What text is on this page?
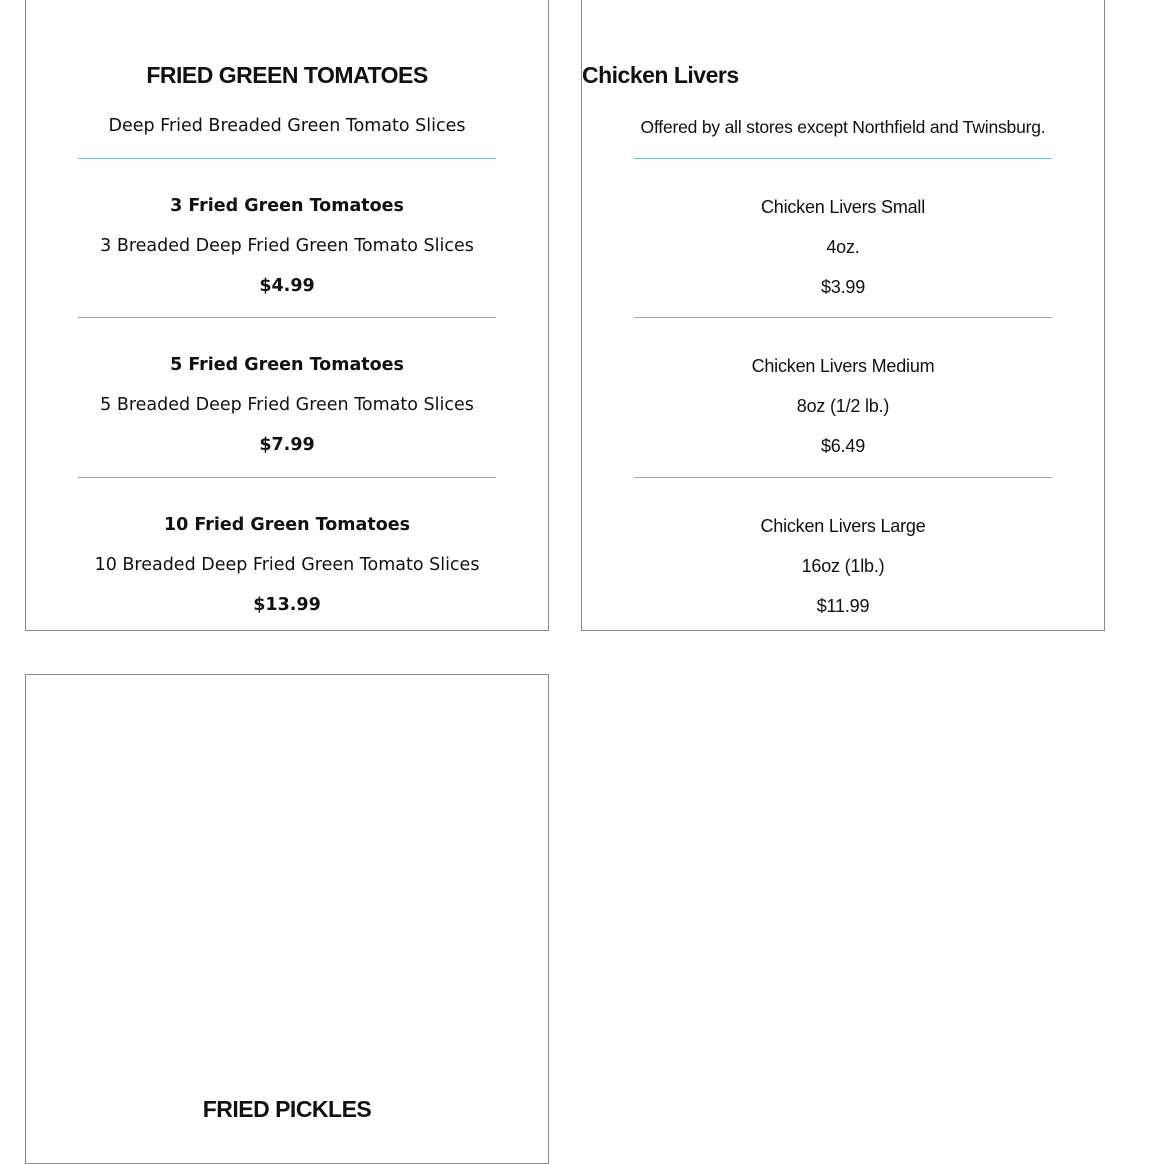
FRIED GREEN TOMATOES

Deep Fried Breaded Green Tomato Slices

3 Fried Green Tomatoes
3 Breaded Deep Fried Green Tomato Slices
$4.99
5 Fried Green Tomatoes
5 Breaded Deep Fried Green Tomato Slices
$7.99
10 Fried Green Tomatoes
10 Breaded Deep Fried Green Tomato Slices
$13.99
Chicken Livers

Offered by all stores except Northfield and Twinsburg.

Chicken Livers Small
4oz.
$3.99
Chicken Livers Medium
8oz (1/2 lb.)
$6.49
Chicken Livers Large
16oz (1lb.)
$11.99
FRIED PICKLES
